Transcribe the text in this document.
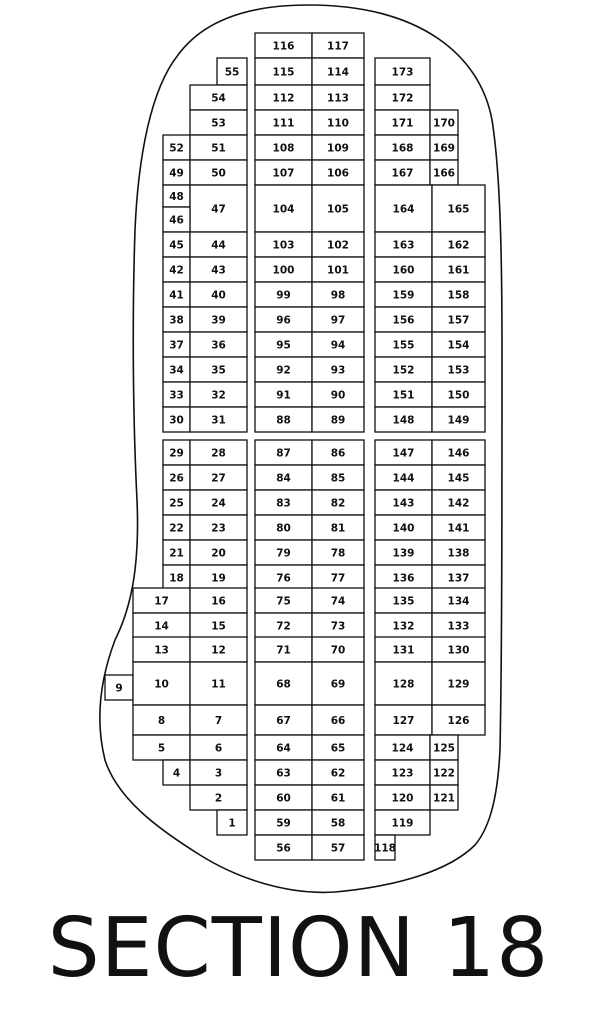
55
54
53
52	51
49	50
48
47
46
45	44
42	43
41	40
38	39
37	36
34	35
33	32
30	31
116	117
115	114
112	113
111	110
108	109
107	106
104	105
103	102
100	101
99	98
96	97
95	94
92	93
91	90
88	89
173
172
171 170
168 169
167 166
164	165
163	162
160	161
159	158
156	157
155	154
152	153
151	150
148	149
29	28
26	27
25	24
22	23
21	20
18	19
17	16
14	15
13	12
9	10	11
8	7
5	6
4	3
2
1
87	86
84	85
83	82
80	81
79	78
76	77
75	74
72	73
71	70
68	69
67	66
64	65
63	62
60	61
59	58
56	57
147	146
144	145
143	142
140	141
139	138
136	137
135	134
132	133
131	130
128	129
127	126
124 125
123 122
120 121
119
118
SECTION 18
